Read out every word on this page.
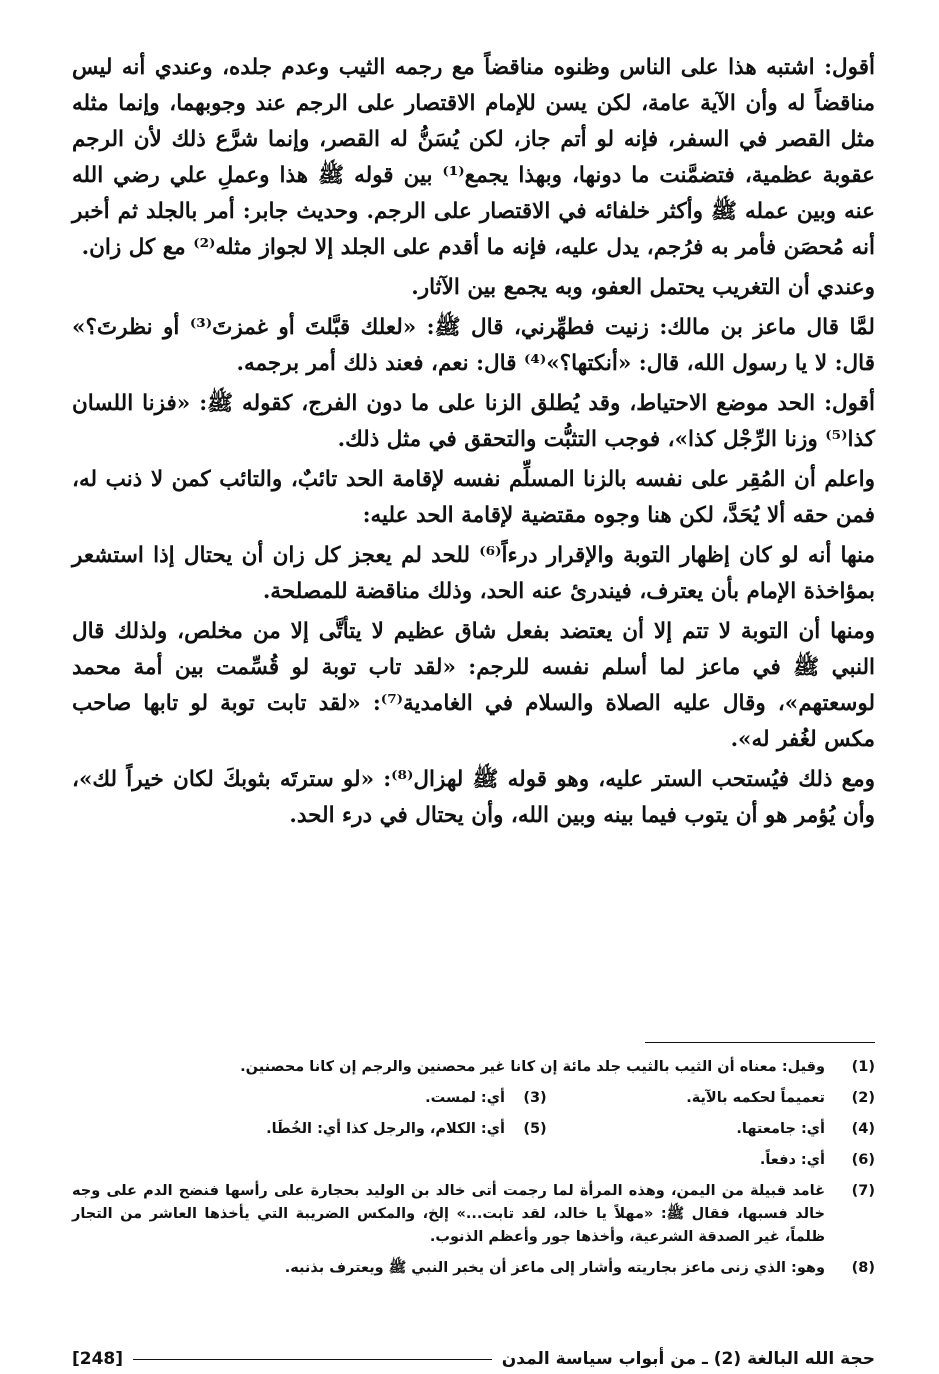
أقول: اشتبه هذا على الناس وظنوه مناقضاً مع رجمه الثيب وعدم جلده، وعندي أنه ليس مناقضاً له وأن الآية عامة، لكن يسن للإمام الاقتصار على الرجم عند وجوبهما، وإنما مثله مثل القصر في السفر، فإنه لو أتم جاز، لكن يُسَنُّ له القصر، وإنما شرَّع ذلك لأن الرجم عقوبة عظمية، فتضمَّنت ما دونها، وبهذا يجمع⁽¹⁾ بين قوله ﷺ هذا وعملِ علي رضي الله عنه وبين عمله ﷺ وأكثر خلفائه في الاقتصار على الرجم. وحديث جابر: أمر بالجلد ثم أخبر أنه مُحصَن فأمر به فرُجم، يدل عليه، فإنه ما أقدم على الجلد إلا لجواز مثله⁽²⁾ مع كل زان.

وعندي أن التغريب يحتمل العفو، وبه يجمع بين الآثار.

لمَّا قال ماعز بن مالك: زنيت فطهِّرني، قال ﷺ: «لعلك قبَّلتَ أو غمزتَ⁽³⁾ أو نظرتَ؟» قال: لا يا رسول الله، قال: «أنكتها؟»⁽⁴⁾ قال: نعم، فعند ذلك أمر برجمه.

أقول: الحد موضع الاحتياط، وقد يُطلق الزنا على ما دون الفرج، كقوله ﷺ: «فزنا اللسان كذا⁽⁵⁾ وزنا الرِّجْل كذا»، فوجب التثبُّت والتحقق في مثل ذلك.

واعلم أن المُقِر على نفسه بالزنا المسلِّم نفسه لإقامة الحد تائبٌ، والتائب كمن لا ذنب له، فمن حقه ألا يُحَدَّ، لكن هنا وجوه مقتضية لإقامة الحد عليه:

منها أنه لو كان إظهار التوبة والإقرار درءاً⁽⁶⁾ للحد لم يعجز كل زان أن يحتال إذا استشعر بمؤاخذة الإمام بأن يعترف، فيندرئ عنه الحد، وذلك مناقضة للمصلحة.

ومنها أن التوبة لا تتم إلا أن يعتضد بفعل شاق عظيم لا يتأتَّى إلا من مخلص، ولذلك قال النبي ﷺ في ماعز لما أسلم نفسه للرجم: «لقد تاب توبة لو قُسِّمت بين أمة محمد لوسعتهم»، وقال عليه الصلاة والسلام في الغامدية⁽⁷⁾: «لقد تابت توبة لو تابها صاحب مكس لغُفر له».

ومع ذلك فيُستحب الستر عليه، وهو قوله ﷺ لهزال⁽⁸⁾: «لو سترتَه بثوبكَ لكان خيراً لك»، وأن يُؤمر هو أن يتوب فيما بينه وبين الله، وأن يحتال في درء الحد.

(1)
وقيل: معناه أن الثيب بالثيب جلد مائة إن كانا غير محصنين والرجم إن كانا محصنين.
(2)
تعميماً لحكمه بالآية.
(3)
أي: لمست.
(4)
أي: جامعتها.
(5)
أي: الكلام، والرجل كذا أي: الخُطَا.
(6)
أي: دفعاً.
(7)
غامد قبيلة من اليمن، وهذه المرأة لما رجمت أتى خالد بن الوليد بحجارة على رأسها فنضح الدم على وجه خالد فسبها، فقال ﷺ: «مهلاً يا خالد، لقد تابت...» إلخ، والمكس الضريبة التي يأخذها العاشر من التجار ظلماً، غير الصدقة الشرعية، وأخذها جور وأعظم الذنوب.
(8)
وهو: الذي زنى ماعز بجاريته وأشار إلى ماعز أن يخبر النبي ﷺ ويعترف بذنبه.
حجة الله البالغة (2) ـ من أبواب سياسة المدن
[248]
